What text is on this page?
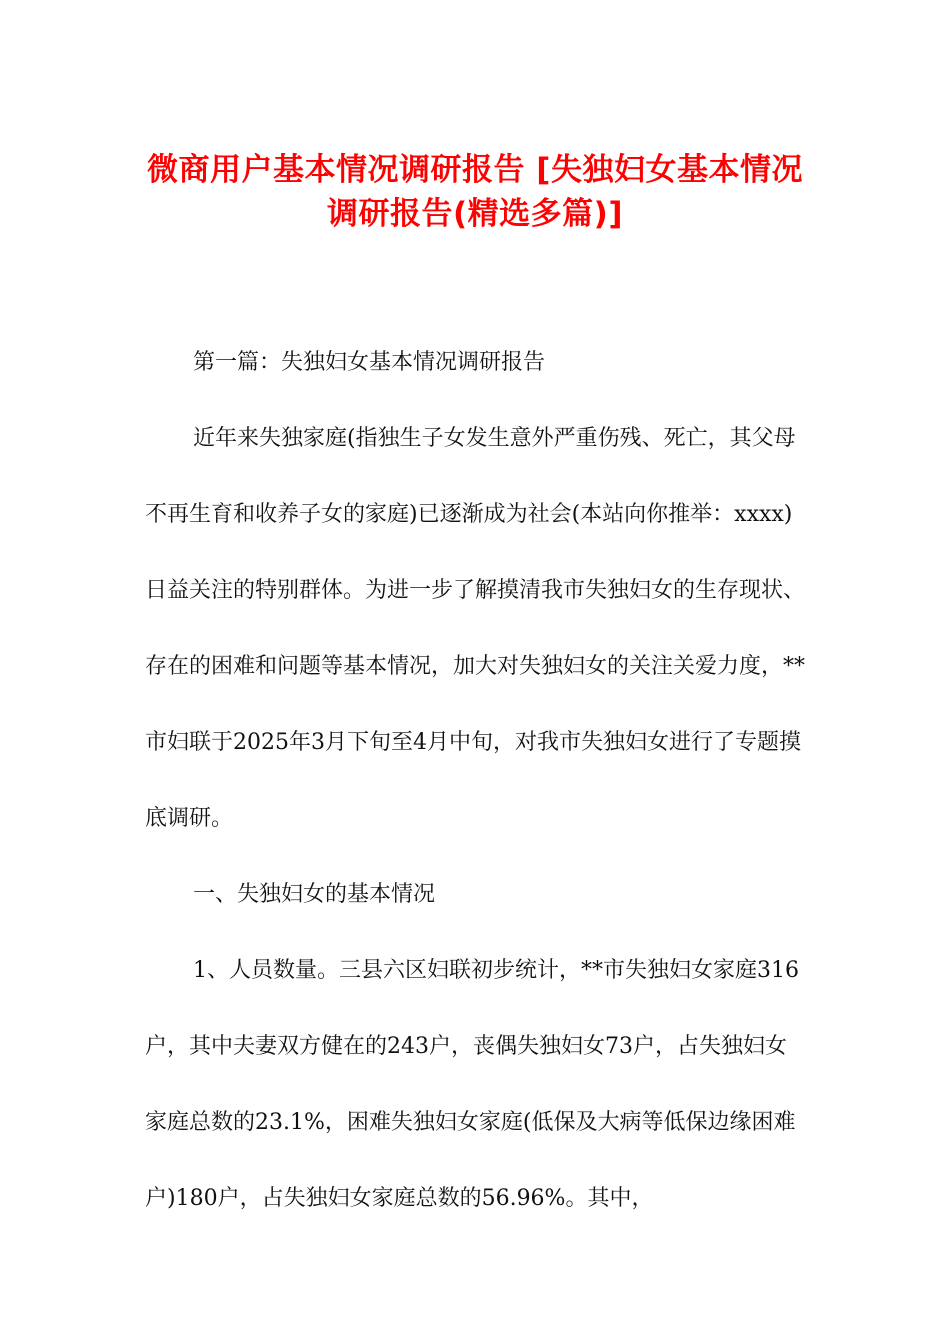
微商用户基本情况调研报告 [失独妇女基本情况调研报告(精选多篇)]

第一篇：失独妇女基本情况调研报告

近年来失独家庭(指独生子女发生意外严重伤残、死亡，其父母不再生育和收养子女的家庭)已逐渐成为社会(本站向你推举：xxxx)日益关注的特别群体。为进一步了解摸清我市失独妇女的生存现状、存在的困难和问题等基本情况，加大对失独妇女的关注关爱力度，**市妇联于2025年3月下旬至4月中旬，对我市失独妇女进行了专题摸底调研。

一、失独妇女的基本情况

1、人员数量。三县六区妇联初步统计，**市失独妇女家庭316户，其中夫妻双方健在的243户，丧偶失独妇女73户，占失独妇女家庭总数的23.1%，困难失独妇女家庭(低保及大病等低保边缘困难户)180户，占失独妇女家庭总数的56.96%。其中，
